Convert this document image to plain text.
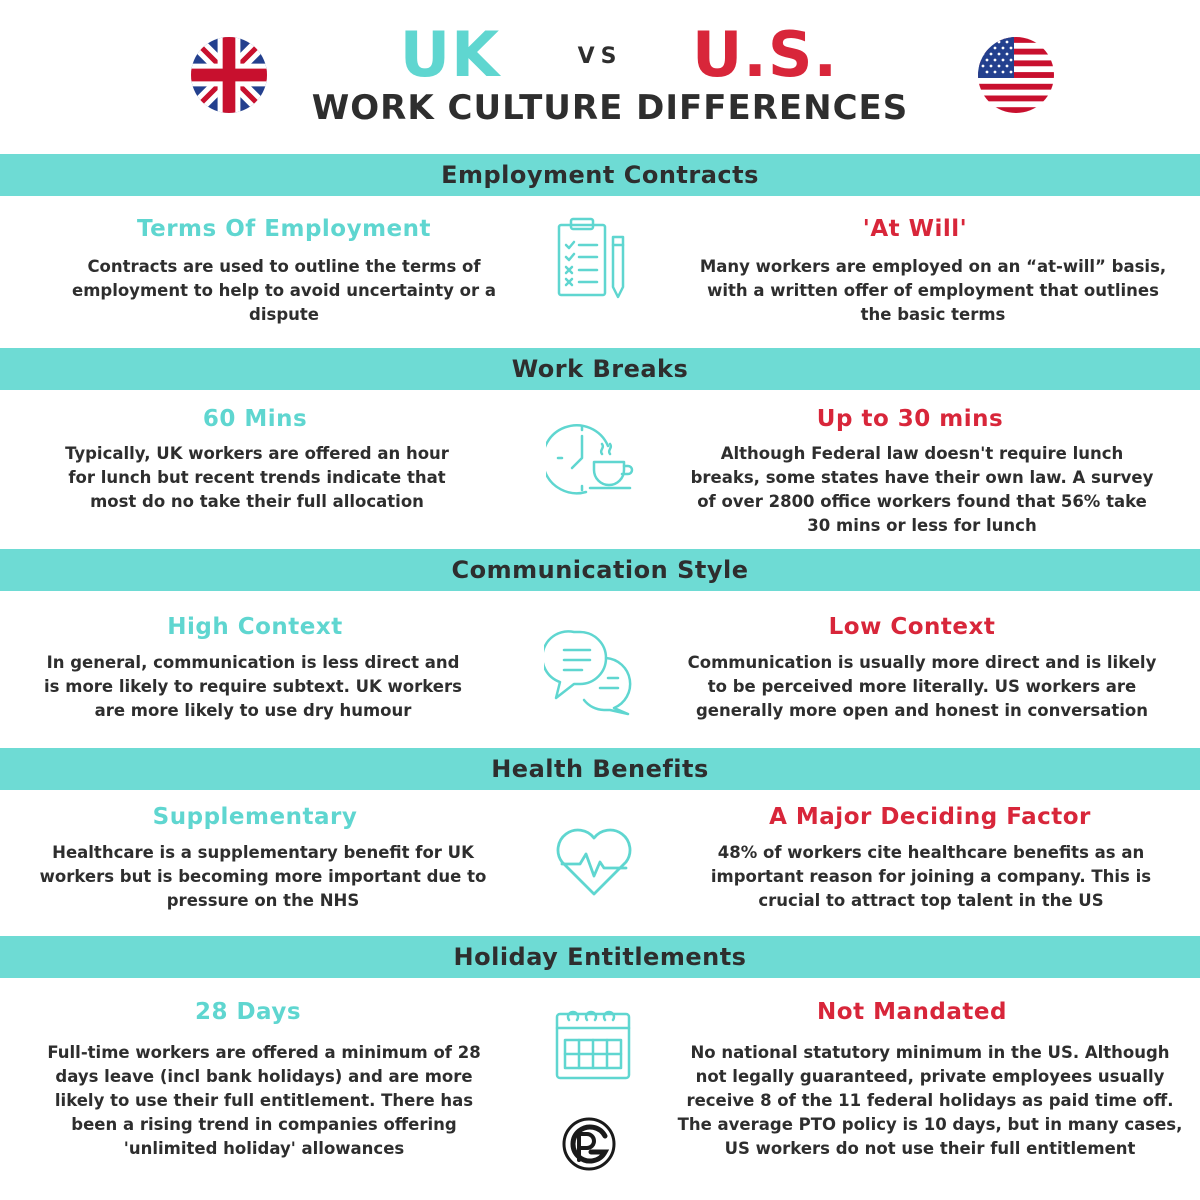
UK	VS U.S.
WORK CULTURE DIFFERENCES
Employment Contracts
Terms Of Employment
Contracts are used to outline the terms of employment to help to avoid uncertainty or a dispute
'At Will'
Many workers are employed on an “at-will” basis, with a written offer of employment that outlines the basic terms
Work Breaks
60 Mins
Typically, UK workers are offered an hour for lunch but recent trends indicate that most do no take their full allocation
Up to 30 mins
Although Federal law doesn't require lunch breaks, some states have their own law. A survey of over 2800 office workers found that 56% take 30 mins or less for lunch
Communication Style
High Context
In general, communication is less direct and is more likely to require subtext. UK workers are more likely to use dry humour
Low Context
Communication is usually more direct and is likely to be perceived more literally. US workers are generally more open and honest in conversation
Health Benefits
Supplementary
Healthcare is a supplementary benefit for UK workers but is becoming more important due to pressure on the NHS
A Major Deciding Factor
48% of workers cite healthcare benefits as an important reason for joining a company. This is crucial to attract top talent in the US
Holiday Entitlements
28 Days
Full-time workers are offered a minimum of 28 days leave (incl bank holidays) and are more likely to use their full entitlement. There has been a rising trend in companies offering 'unlimited holiday' allowances
Not Mandated
No national statutory minimum in the US. Although not legally guaranteed, private employees usually receive 8 of the 11 federal holidays as paid time off. The average PTO policy is 10 days, but in many cases, US workers do not use their full entitlement
